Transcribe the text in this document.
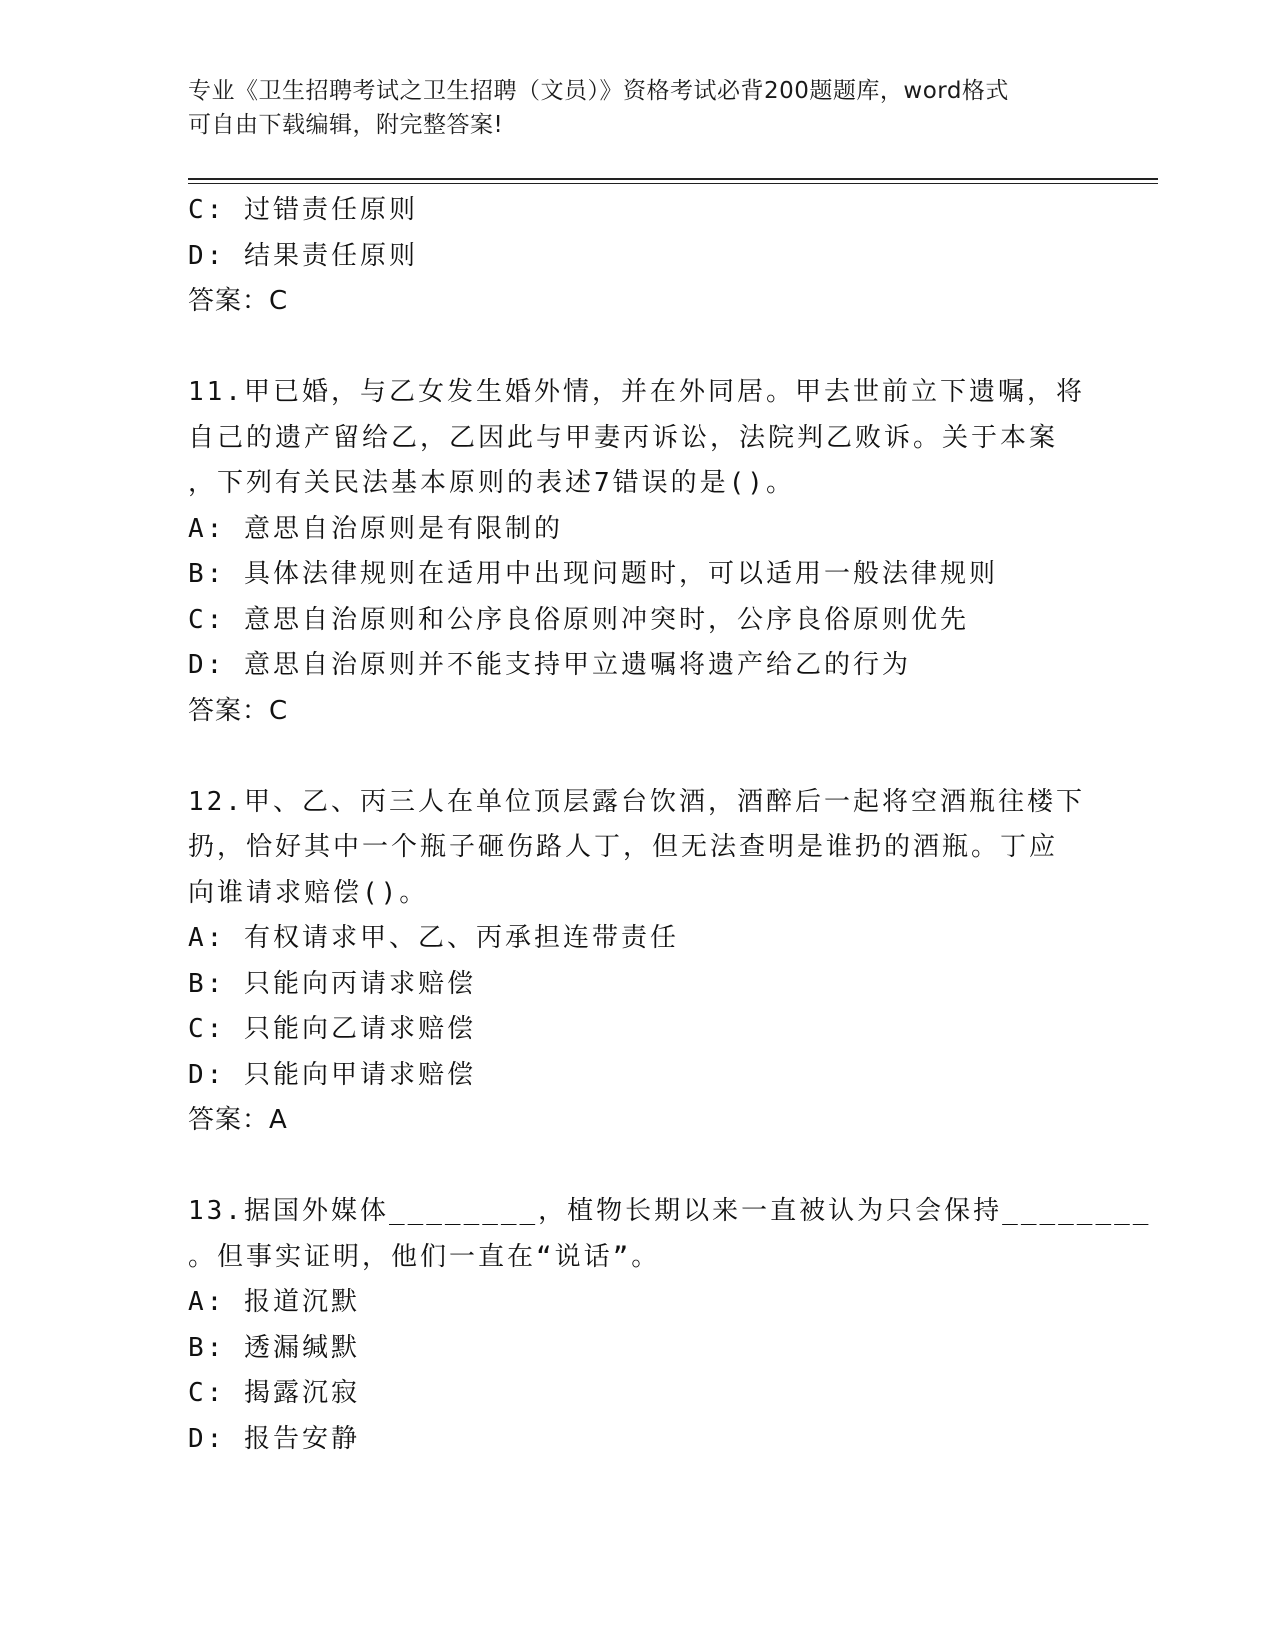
专业《卫生招聘考试之卫生招聘（文员）》资格考试必背200题题库，word格式
可自由下载编辑，附完整答案!
C: 过错责任原则
D: 结果责任原则
答案：C
11.甲已婚，与乙女发生婚外情，并在外同居。甲去世前立下遗嘱，将
自己的遗产留给乙，乙因此与甲妻丙诉讼，法院判乙败诉。关于本案
，下列有关民法基本原则的表述7错误的是()。
A: 意思自治原则是有限制的
B: 具体法律规则在适用中出现问题时，可以适用一般法律规则
C: 意思自治原则和公序良俗原则冲突时，公序良俗原则优先
D: 意思自治原则并不能支持甲立遗嘱将遗产给乙的行为
答案：C
12.甲、乙、丙三人在单位顶层露台饮酒，酒醉后一起将空酒瓶往楼下
扔，恰好其中一个瓶子砸伤路人丁，但无法查明是谁扔的酒瓶。丁应
向谁请求赔偿()。
A: 有权请求甲、乙、丙承担连带责任
B: 只能向丙请求赔偿
C: 只能向乙请求赔偿
D: 只能向甲请求赔偿
答案：A
13.据国外媒体________，植物长期以来一直被认为只会保持________
。但事实证明，他们一直在“说话”。
A: 报道沉默
B: 透漏缄默
C: 揭露沉寂
D: 报告安静
